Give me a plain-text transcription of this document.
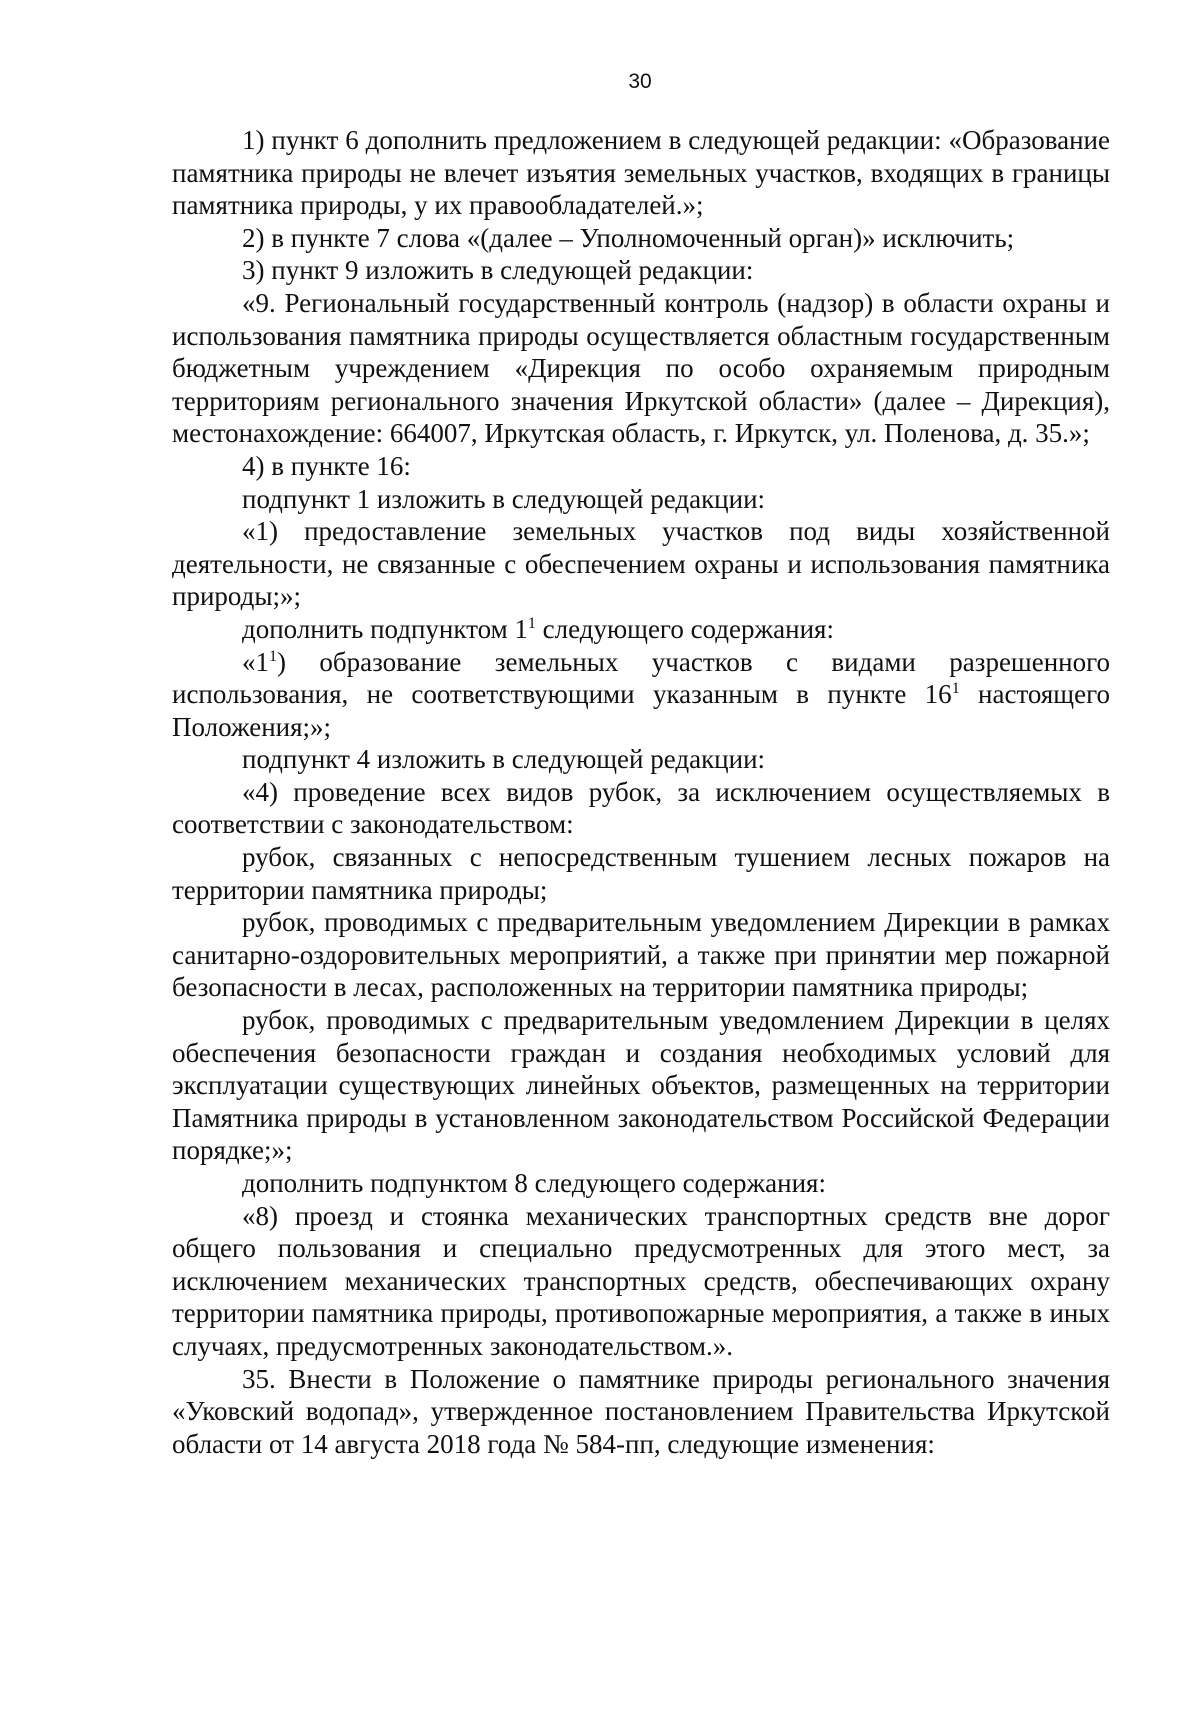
30

1) пункт 6 дополнить предложением в следующей редакции: «Образование памятника природы не влечет изъятия земельных участков, входящих в границы памятника природы, у их правообладателей.»;

2) в пункте 7 слова «(далее – Уполномоченный орган)» исключить;

3) пункт 9 изложить в следующей редакции:

«9. Региональный государственный контроль (надзор) в области охраны и использования памятника природы осуществляется областным государственным бюджетным учреждением «Дирекция по особо охраняемым природным территориям регионального значения Иркутской области» (далее – Дирекция), местонахождение: 664007, Иркутская область, г. Иркутск, ул. Поленова, д. 35.»;

4) в пункте 16:

подпункт 1 изложить в следующей редакции:

«1) предоставление земельных участков под виды хозяйственной деятельности, не связанные с обеспечением охраны и использования памятника природы;»;

дополнить подпунктом $1^1$ следующего содержания:

«$1^1$) образование земельных участков с видами разрешенного использования, не соответствующими указанным в пункте $16^1$ настоящего Положения;»;

подпункт 4 изложить в следующей редакции:

«4) проведение всех видов рубок, за исключением осуществляемых в соответствии с законодательством:

рубок, связанных с непосредственным тушением лесных пожаров на территории памятника природы;

рубок, проводимых с предварительным уведомлением Дирекции в рамках санитарно-оздоровительных мероприятий, а также при принятии мер пожарной безопасности в лесах, расположенных на территории памятника природы;

рубок, проводимых с предварительным уведомлением Дирекции в целях обеспечения безопасности граждан и создания необходимых условий для эксплуатации существующих линейных объектов, размещенных на территории Памятника природы в установленном законодательством Российской Федерации порядке;»;

дополнить подпунктом 8 следующего содержания:

«8) проезд и стоянка механических транспортных средств вне дорог общего пользования и специально предусмотренных для этого мест, за исключением механических транспортных средств, обеспечивающих охрану территории памятника природы, противопожарные мероприятия, а также в иных случаях, предусмотренных законодательством.».

35. Внести в Положение о памятнике природы регионального значения «Уковский водопад», утвержденное постановлением Правительства Иркутской области от 14 августа 2018 года № 584-пп, следующие изменения:
